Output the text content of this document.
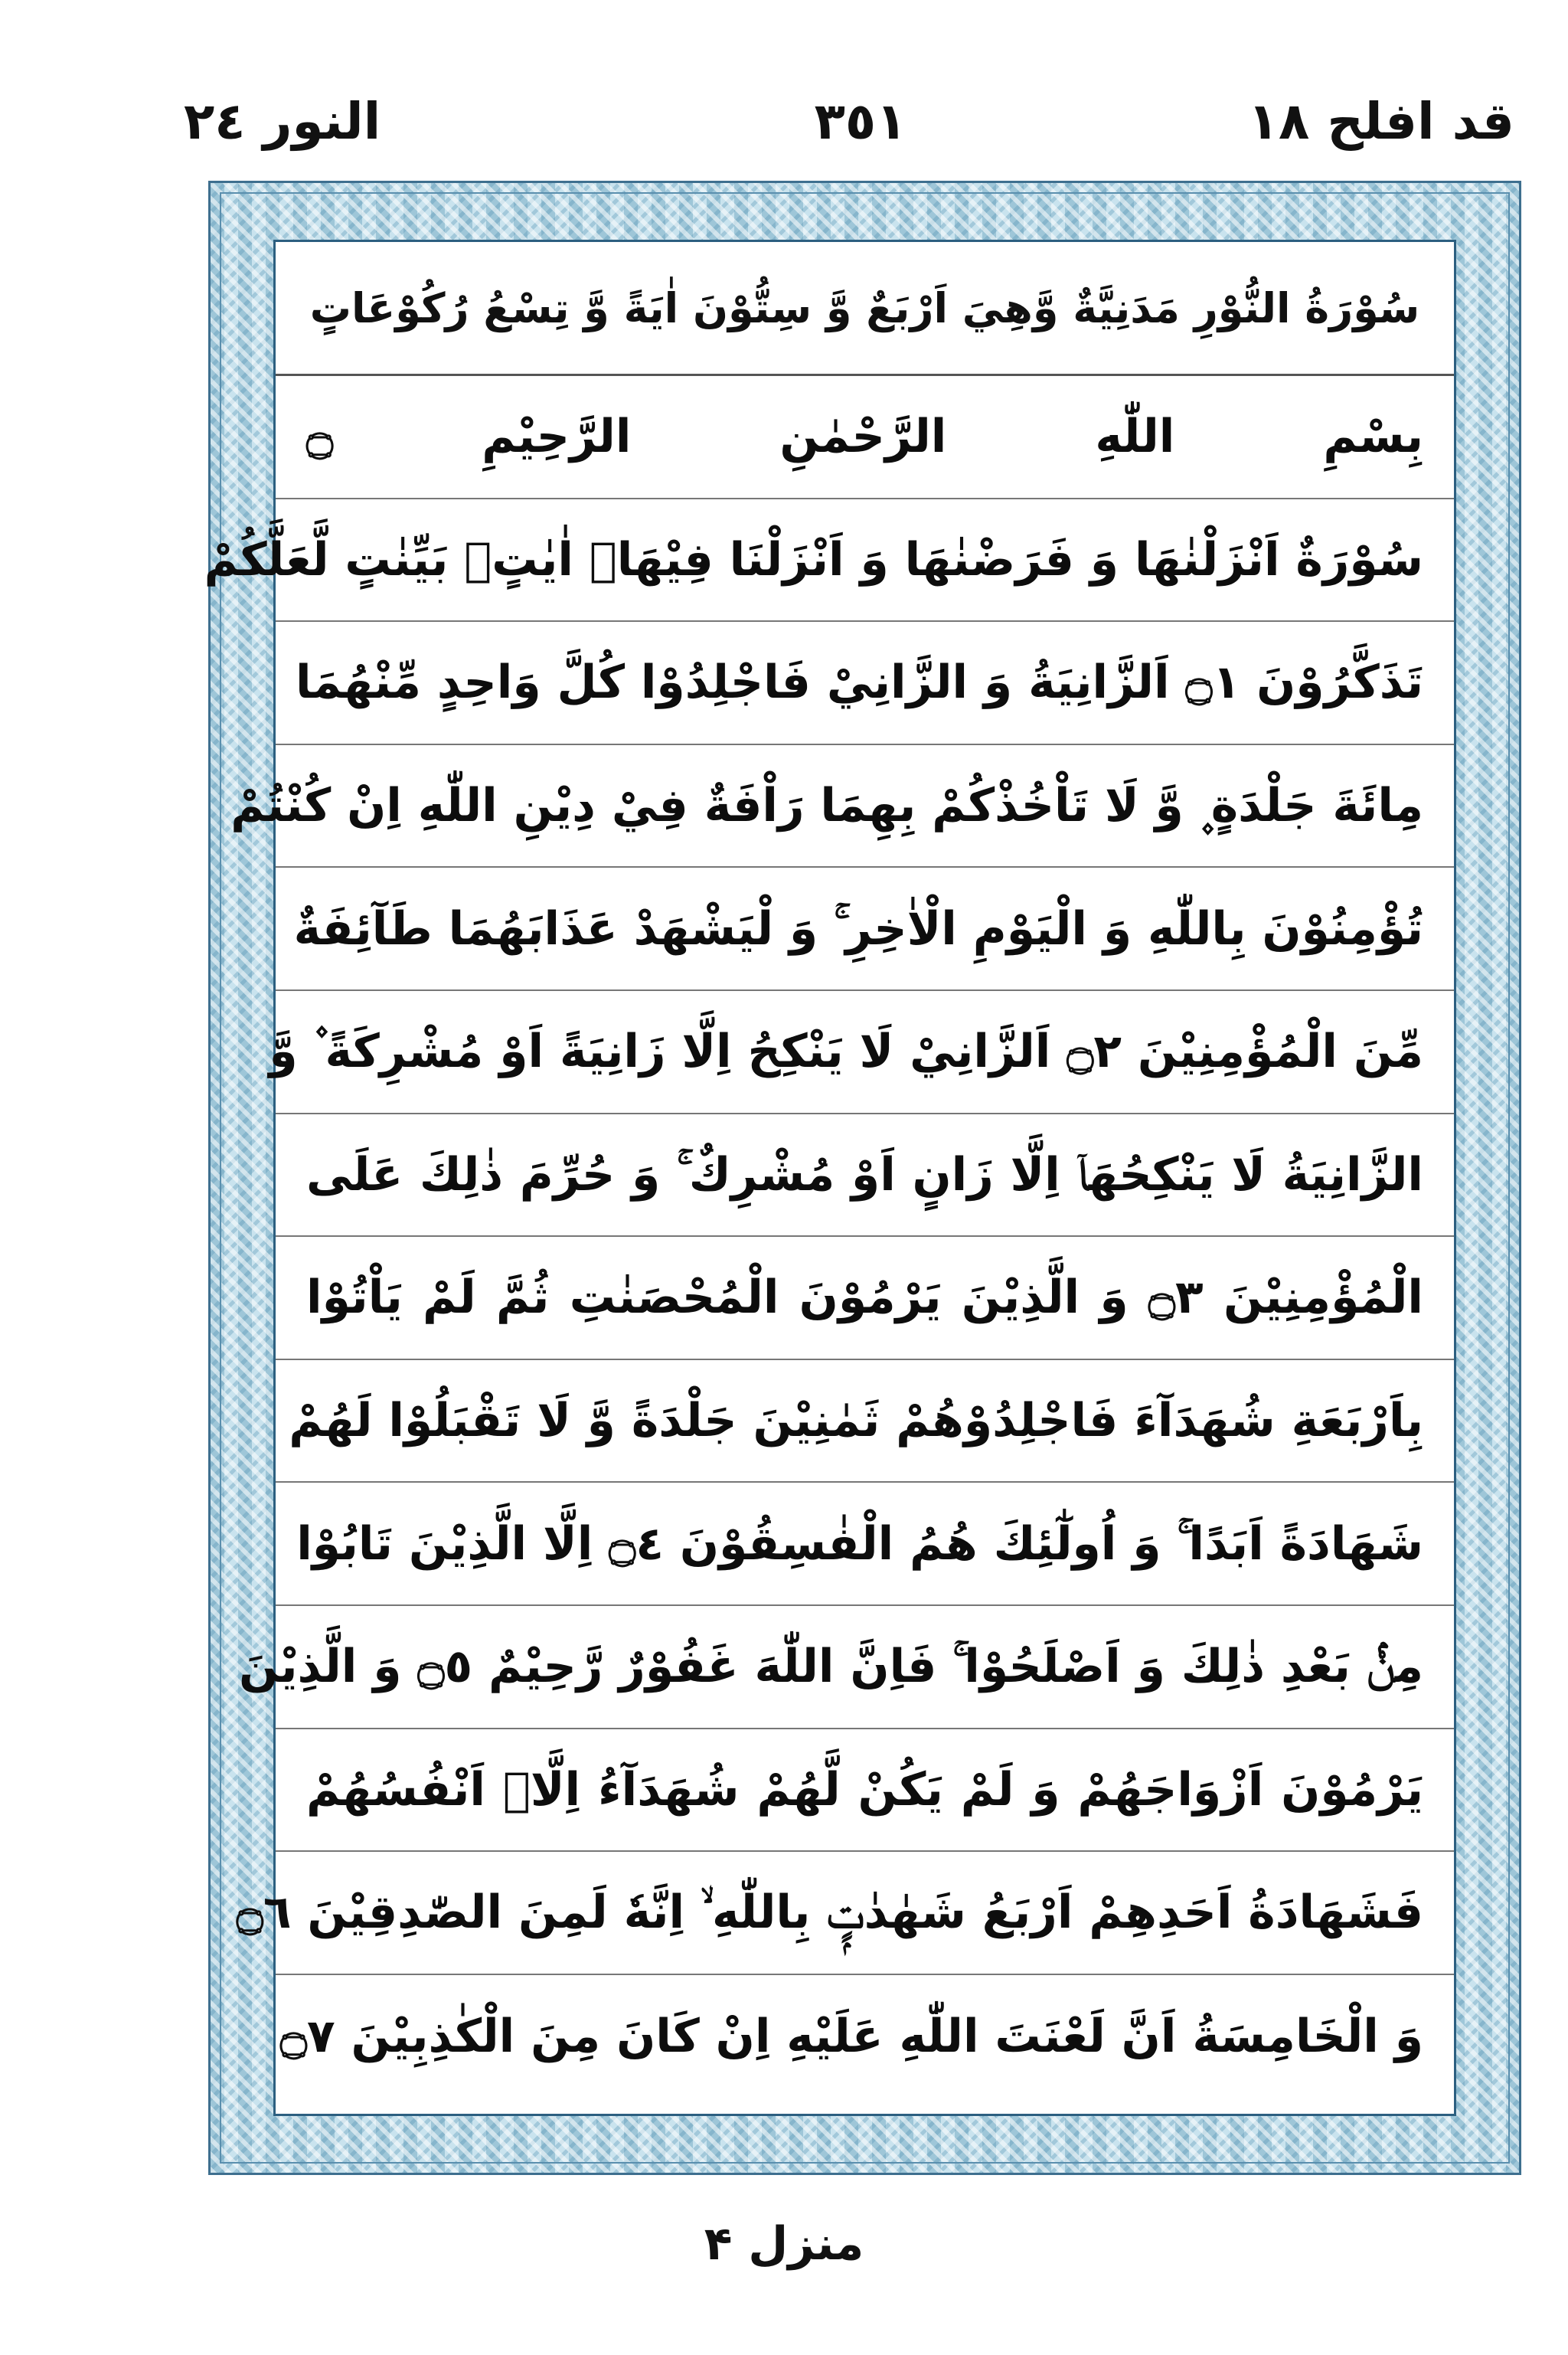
قد افلح ١٨
٣٥١
النور ٢٤
سُوْرَةُ النُّوْرِ مَدَنِيَّةٌ وَّهِيَ اَرْبَعٌ وَّ سِتُّوْنَ اٰيَةً وَّ تِسْعُ رُكُوْعَاتٍ
بِسْمِ اللّٰهِ الرَّحْمٰنِ الرَّحِيْمِ ۝
سُوْرَةٌ اَنْزَلْنٰهَا وَ فَرَضْنٰهَا وَ اَنْزَلْنَا فِيْهَاۤ اٰيٰتٍۭ بَيِّنٰتٍ لَّعَلَّكُمْ
تَذَكَّرُوْنَ ۝١ اَلزَّانِيَةُ وَ الزَّانِيْ فَاجْلِدُوْا كُلَّ وَاحِدٍ مِّنْهُمَا
مِائَةَ جَلْدَةٍ ۪ وَّ لَا تَاْخُذْكُمْ بِهِمَا رَاْفَةٌ فِيْ دِيْنِ اللّٰهِ اِنْ كُنْتُمْ
تُؤْمِنُوْنَ بِاللّٰهِ وَ الْيَوْمِ الْاٰخِرِ ۚ وَ لْيَشْهَدْ عَذَابَهُمَا طَآئِفَةٌ
مِّنَ الْمُؤْمِنِيْنَ ۝٢ اَلزَّانِيْ لَا يَنْكِحُ اِلَّا زَانِيَةً اَوْ مُشْرِكَةً ۫ وَّ
الزَّانِيَةُ لَا يَنْكِحُهَاۤ اِلَّا زَانٍ اَوْ مُشْرِكٌ ۚ وَ حُرِّمَ ذٰلِكَ عَلَى
الْمُؤْمِنِيْنَ ۝٣ وَ الَّذِيْنَ يَرْمُوْنَ الْمُحْصَنٰتِ ثُمَّ لَمْ يَاْتُوْا
بِاَرْبَعَةِ شُهَدَآءَ فَاجْلِدُوْهُمْ ثَمٰنِيْنَ جَلْدَةً وَّ لَا تَقْبَلُوْا لَهُمْ
شَهَادَةً اَبَدًا ۚ وَ اُولٰٓئِكَ هُمُ الْفٰسِقُوْنَ ۝٤ اِلَّا الَّذِيْنَ تَابُوْا
مِنْۢ بَعْدِ ذٰلِكَ وَ اَصْلَحُوْا ۚ فَاِنَّ اللّٰهَ غَفُوْرٌ رَّحِيْمٌ ۝٥ وَ الَّذِيْنَ
يَرْمُوْنَ اَزْوَاجَهُمْ وَ لَمْ يَكُنْ لَّهُمْ شُهَدَآءُ اِلَّاۤ اَنْفُسُهُمْ
فَشَهَادَةُ اَحَدِهِمْ اَرْبَعُ شَهٰدٰتٍۭ بِاللّٰهِ ۙ اِنَّهٗ لَمِنَ الصّٰدِقِيْنَ ۝٦
وَ الْخَامِسَةُ اَنَّ لَعْنَتَ اللّٰهِ عَلَيْهِ اِنْ كَانَ مِنَ الْكٰذِبِيْنَ ۝٧
منزل ۴
